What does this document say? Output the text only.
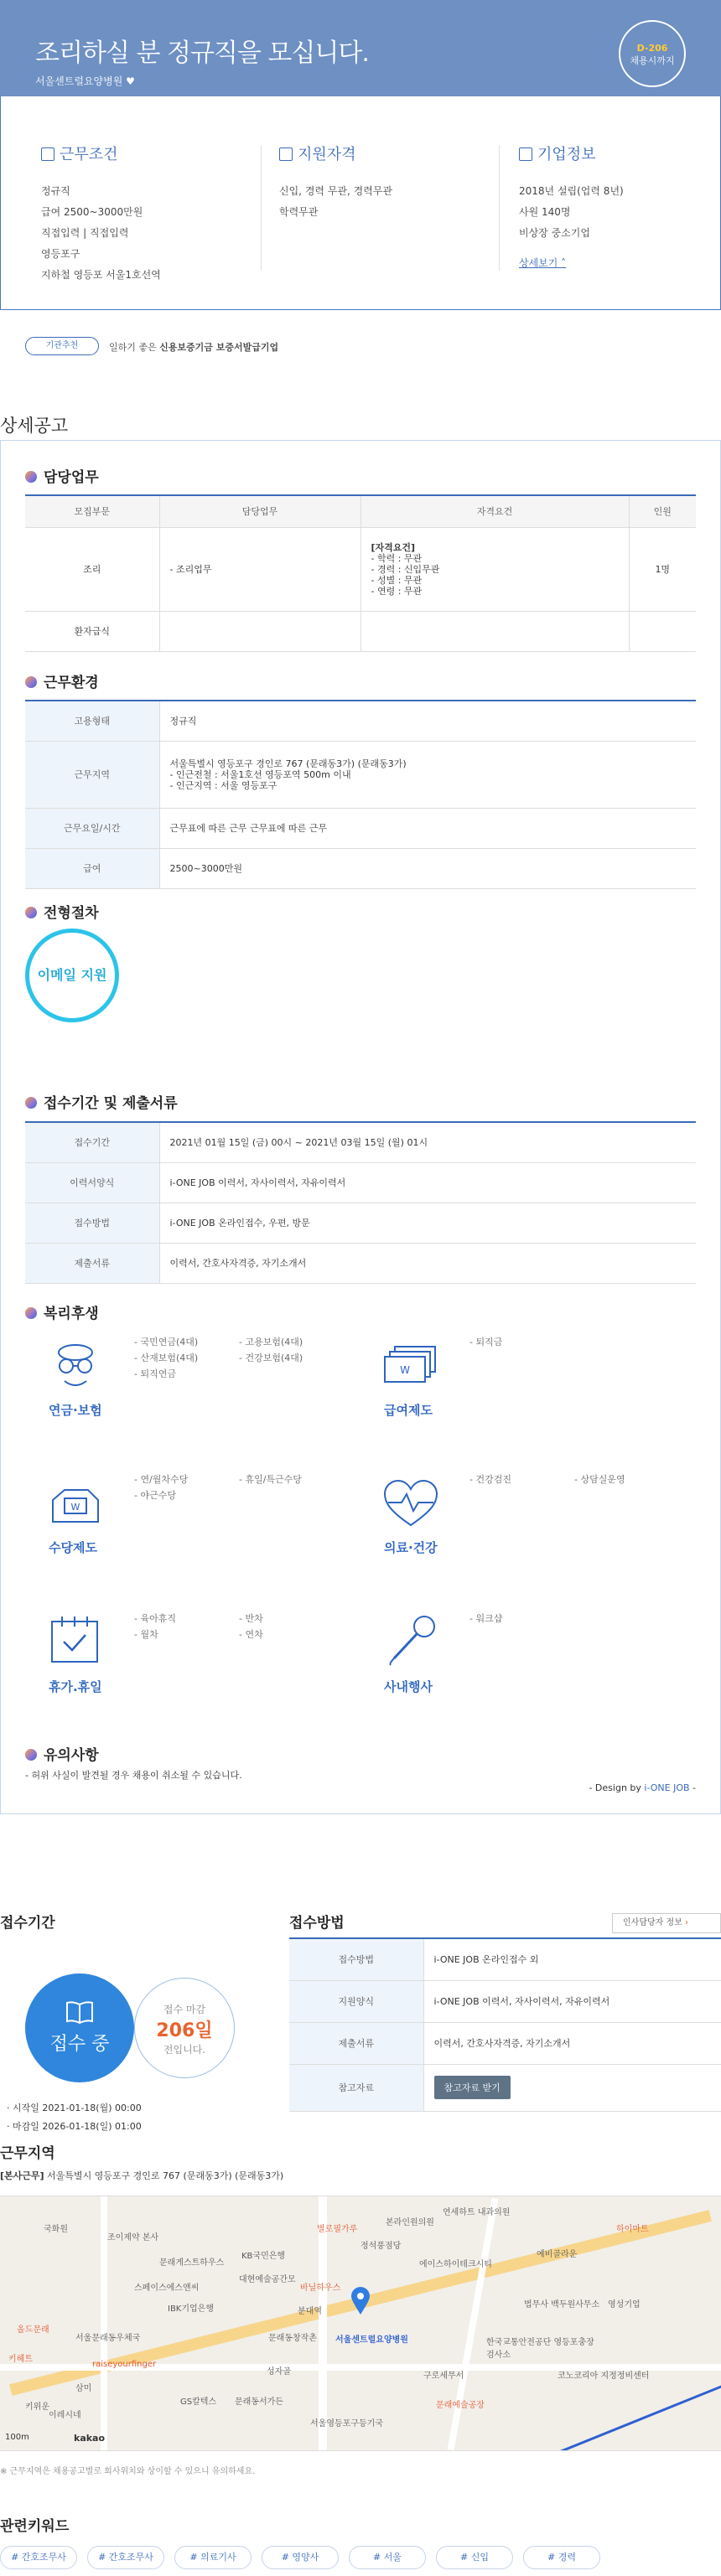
조리하실 분 정규직을 모십니다.
서울센트럴요양병원 ♥
D-206
채용시까지
근무조건

정규직

급여 2500~3000만원

직접입력 | 직접입력

영등포구

지하철 영등포 서울1호선역

지원자격

신입, 경력 무관, 경력무관

학력무관

기업정보

2018년 설립(업력 8년)

사원 140명

비상장 중소기업

상세보기 ˄
기관추천	일하기 좋은 신용보증기금 보증서발급기업
상세공고
담당업무
모집부문	담당업무	자격요건	인원
조리	- 조리업무	[자격요건]
- 학력 : 무관
- 경력 : 신입무관
- 성별 : 무관
- 연령 : 무관	1명
환자급식			
근무환경
고용형태	정규직
근무지역	서울특별시 영등포구 경인로 767 (문래동3가) (문래동3가)
- 인근전철 : 서울1호선 영등포역 500m 이내
- 인근지역 : 서울 영등포구

근무요일/시간	근무표에 따른 근무 근무표에 따른 근무
급여	2500~3000만원
전형절차
이메일 지원
접수기간 및 제출서류
접수기간	2021년 01월 15일 (금) 00시 ~ 2021년 03월 15일 (월) 01시
이력서양식	i-ONE JOB 이력서, 자사이력서, 자유이력서
접수방법	i-ONE JOB 온라인접수, 우편, 방문
제출서류	이력서, 간호사자격증, 자기소개서
복리후생
연금·보험
- 국민연금(4대)
- 산재보험(4대)
- 퇴직연금
- 고용보험(4대)
- 건강보험(4대)
W
급여제도
- 퇴직금
W
수당제도
- 연/월차수당
- 야근수당
- 휴일/특근수당
의료·건강
- 건강검진	- 상담실운영
휴가.휴일
- 육아휴직
- 월차
- 반차
- 연차
사내행사
- 워크샵
유의사항
- 허위 사실이 발견될 경우 채용이 취소될 수 있습니다.
- Design by i-ONE JOB -
접수기간
접수 중
접수 마감
206일
전입니다.
· 시작일 2021-01-18(월) 00:00
· 마감일 2026-01-18(일) 01:00
접수방법	인사담당자 정보 ›
접수방법	i-ONE JOB 온라인접수 외
지원양식	i-ONE JOB 이력서, 자사이력서, 자유이력서
제출서류	이력서, 간호사자격증, 자기소개서
참고자료	참고자료 받기
근무지역
[본사근무] 서울특별시 영등포구 경인로 767 (문래동3가) (문래동3가)
국화원
조이제약 본사
KB국민은행
별로필가루
본라인원의원
연세하트 내과의원
예비골라운
하이마트
영성기업
문래게스트하우스
대현예술공간모
바닐하우스
에이스하이테크시티
정석풍점당
스페이스에스앤씨
IBK기업은행	분대역
문래동창작촌 서울센트럴요양병원
구로세무서
한국교통안전공단 영등포충장검사소
법무사 백두원사무소
성자골
서울문래동우체국
raiseyourfinger
GS칼텍스 문래동서가든
서울영등포구등기국
문래예술공장
코노코리아 지정정비센터
올드문래
키헤트
삼미
키위운
이레시네
100m	kakao
※ 근무지역은 채용공고별로 회사위치와 상이할 수 있으니 유의하세요.
관련키워드
# 간호조무사	# 간호조무사	# 의료기사	# 영양사	# 서울	# 신입	# 경력
